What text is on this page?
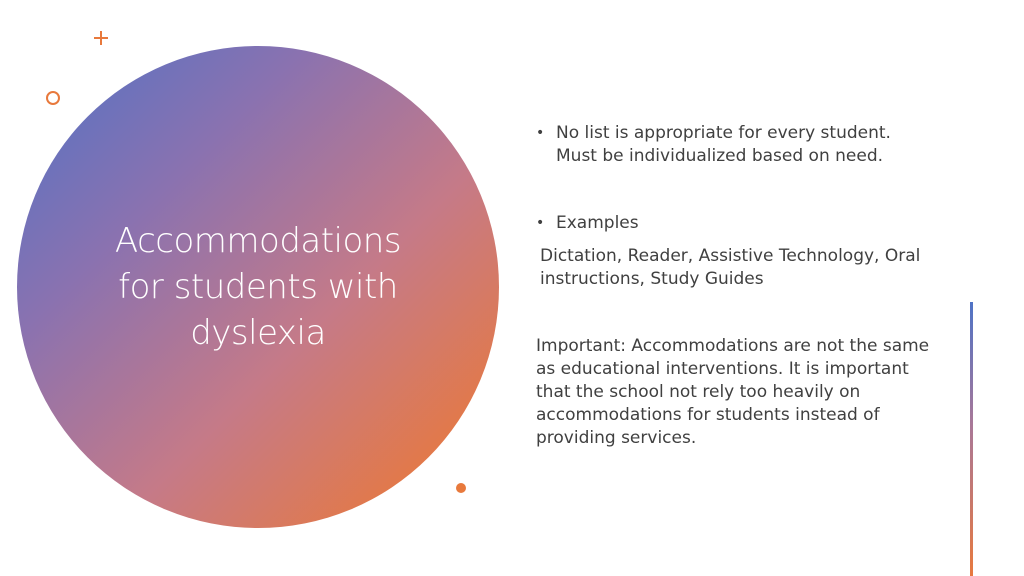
Accommodations for students with dyslexia
• No list is appropriate for every student. Must be individualized based on need.
• Examples
Dictation, Reader, Assistive Technology, Oral instructions, Study Guides
Important: Accommodations are not the same as educational interventions. It is important that the school not rely too heavily on accommodations for students instead of providing services.
